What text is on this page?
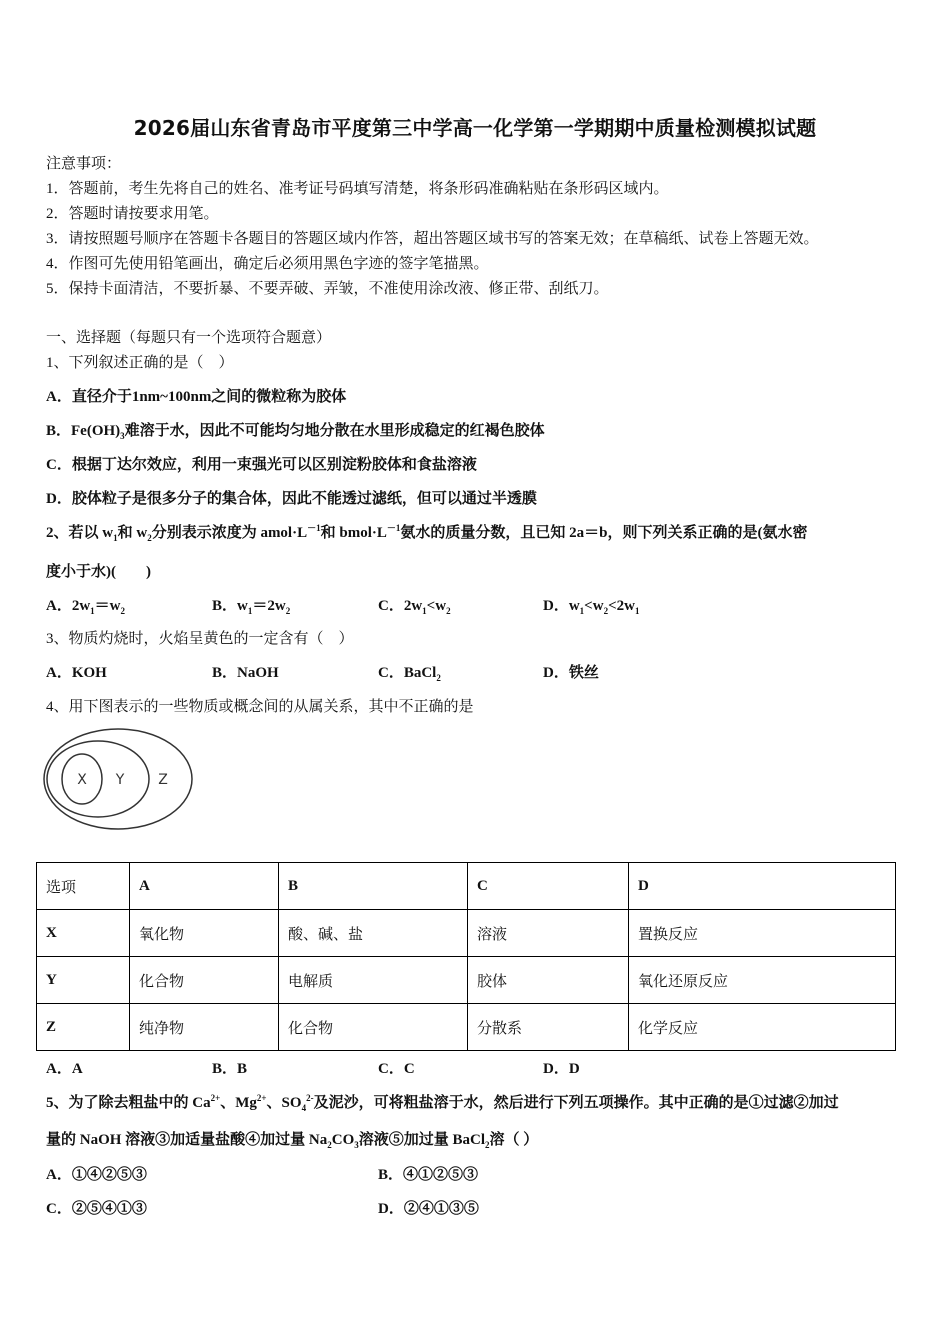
2026届山东省青岛市平度第三中学高一化学第一学期期中质量检测模拟试题
注意事项：
1．答题前，考生先将自己的姓名、准考证号码填写清楚，将条形码准确粘贴在条形码区域内。
2．答题时请按要求用笔。
3．请按照题号顺序在答题卡各题目的答题区域内作答，超出答题区域书写的答案无效；在草稿纸、试卷上答题无效。
4．作图可先使用铅笔画出，确定后必须用黑色字迹的签字笔描黑。
5．保持卡面清洁，不要折暴、不要弄破、弄皱，不准使用涂改液、修正带、刮纸刀。
一、选择题（每题只有一个选项符合题意）
1、下列叙述正确的是（　）
A．直径介于1nm~100nm之间的微粒称为胶体
B．$Fe(OH)_3$难溶于水，因此不可能均匀地分散在水里形成稳定的红褐色胶体
C．根据丁达尔效应，利用一束强光可以区别淀粉胶体和食盐溶液
D．胶体粒子是很多分子的集合体，因此不能透过滤纸，但可以通过半透膜
2、若以 $w_1$和 $w_2$分别表示浓度为 $amol\cdot L^{-1}$和 $bmol\cdot L^{-1}$氨水的质量分数，且已知 2a＝b，则下列关系正确的是(氨水密
度小于水)(　　)
A．$2w_1=w_2$	B．$w_1=2w_2$	C．$2w_1<w_2$	D．$w_1<w_2<2w_1$
3、物质灼烧时，火焰呈黄色的一定含有（　）
A．KOH	B．NaOH	C．BaCl$_2$	D．铁丝
4、用下图表示的一些物质或概念间的从属关系，其中不正确的是
X Y Z
选项	A	B	C	D
X	氧化物	酸、碱、盐	溶液	置换反应
Y	化合物	电解质	胶体	氧化还原反应
Z	纯净物	化合物	分散系	化学反应
A．A	B．B	C．C	D．D
5、为了除去粗盐中的 $Ca^{2+}$、$Mg^{2+}$、$SO_4^{2-}$及泥沙，可将粗盐溶于水，然后进行下列五项操作。其中正确的是①过滤②加过
量的 NaOH 溶液③加适量盐酸④加过量 $Na_2CO_3$溶液⑤加过量 BaCl$_2$溶（ ）
A．①④②⑤③	B．④①②⑤③
C．②⑤④①③	D．②④①③⑤
